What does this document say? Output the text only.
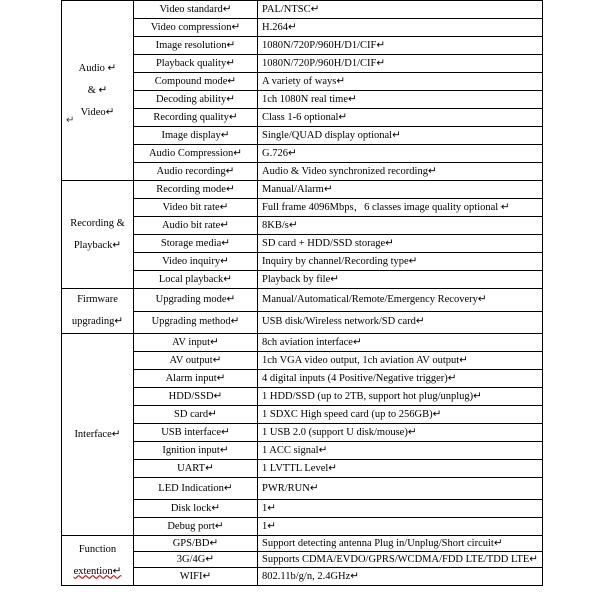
↵
Audio ↵
& ↵
Video↵	Video standard↵	PAL/NTSC↵
	Video compression↵	H.264↵
	Image resolution↵	1080N/720P/960H/D1/CIF↵
	Playback quality↵	1080N/720P/960H/D1/CIF↵
	Compound mode↵	A variety of ways↵
	Decoding ability↵	1ch 1080N real time↵
	Recording quality↵	Class 1-6 optional↵
	Image display↵	Single/QUAD display optional↵
	Audio Compression↵	G.726↵
	Audio recording↵	Audio & Video synchronized recording↵

Recording &
Playback↵	Recording mode↵	Manual/Alarm↵
	Video bit rate↵	Full frame 4096Mbps，6 classes image quality optional ↵
	Audio bit rate↵	8KB/s↵
	Storage media↵	SD card + HDD/SSD storage↵
	Video inquiry↵	Inquiry by channel/Recording type↵
	Local playback↵	Playback by file↵

Firmware
upgrading↵	Upgrading mode↵	Manual/Automatical/Remote/Emergency Recovery↵
	Upgrading method↵	USB disk/Wireless network/SD card↵

Interface↵	AV input↵	8ch aviation interface↵
	AV output↵	1ch VGA video output, 1ch aviation AV output↵
	Alarm input↵	4 digital inputs (4 Positive/Negative trigger)↵
	HDD/SSD↵	1 HDD/SSD (up to 2TB, support hot plug/unplug)↵
	SD card↵	1 SDXC High speed card (up to 256GB)↵
	USB interface↵	1 USB 2.0 (support U disk/mouse)↵
	Ignition input↵	1 ACC signal↵
	UART↵	1 LVTTL Level↵
	LED Indication↵	PWR/RUN↵
	Disk lock↵	1↵
	Debug port↵	1↵

Function
extention↵	GPS/BD↵	Support detecting antenna Plug in/Unplug/Short circuit↵
	3G/4G↵	Supports CDMA/EVDO/GPRS/WCDMA/FDD LTE/TDD LTE↵
	WIFI↵	802.11b/g/n, 2.4GHz↵
